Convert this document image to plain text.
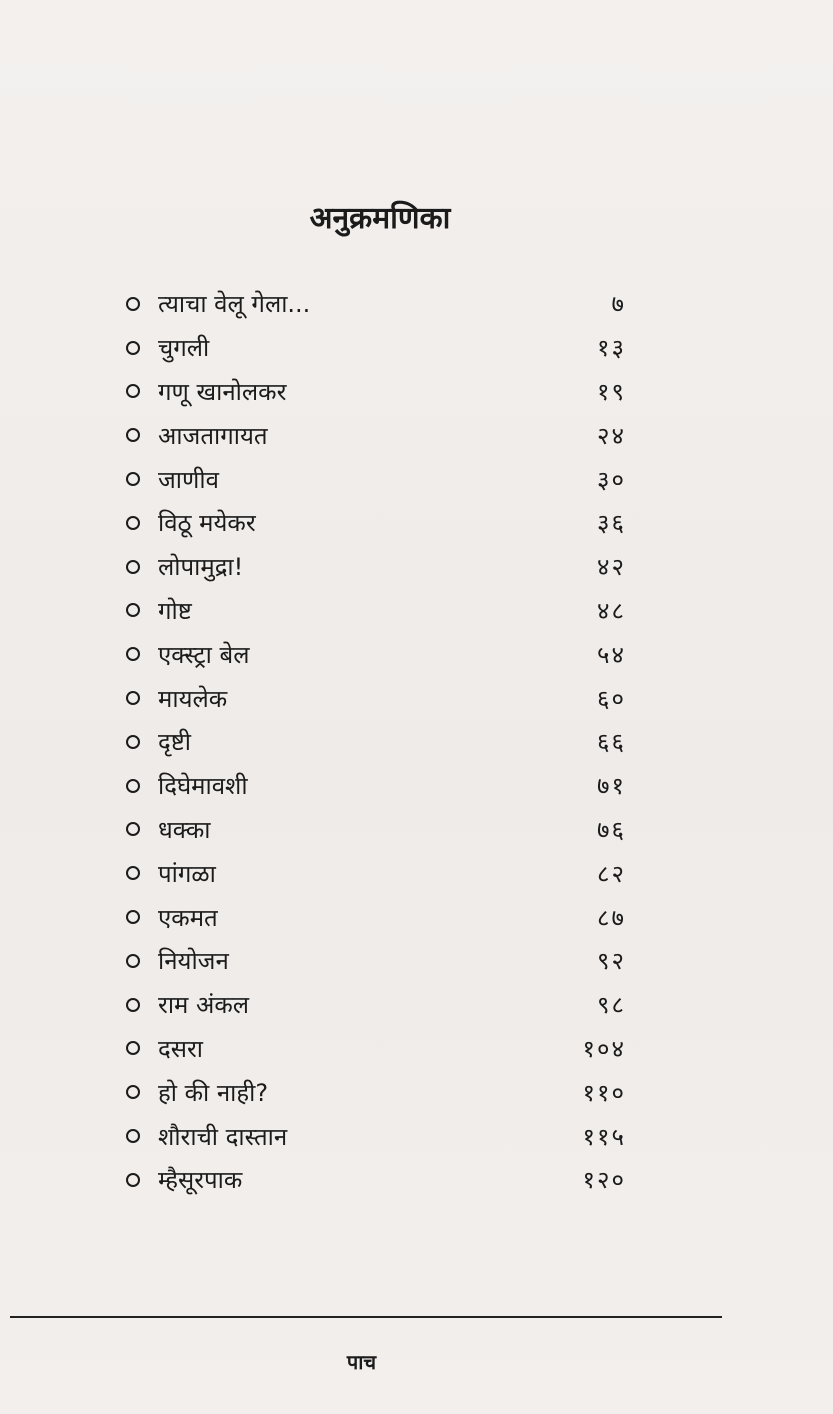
अनुक्रमणिका
त्याचा वेलू गेला...	७
चुगली	१३
गणू खानोलकर	१९
आजतागायत	२४
जाणीव	३०
विठू मयेकर	३६
लोपामुद्रा!	४२
गोष्ट	४८
एक्स्ट्रा बेल	५४
मायलेक	६०
दृष्टी	६६
दिघेमावशी	७१
धक्का	७६
पांगळा	८२
एकमत	८७
नियोजन	९२
राम अंकल	९८
दसरा	१०४
हो की नाही?	११०
शौराची दास्तान	११५
म्हैसूरपाक	१२०
पाच
